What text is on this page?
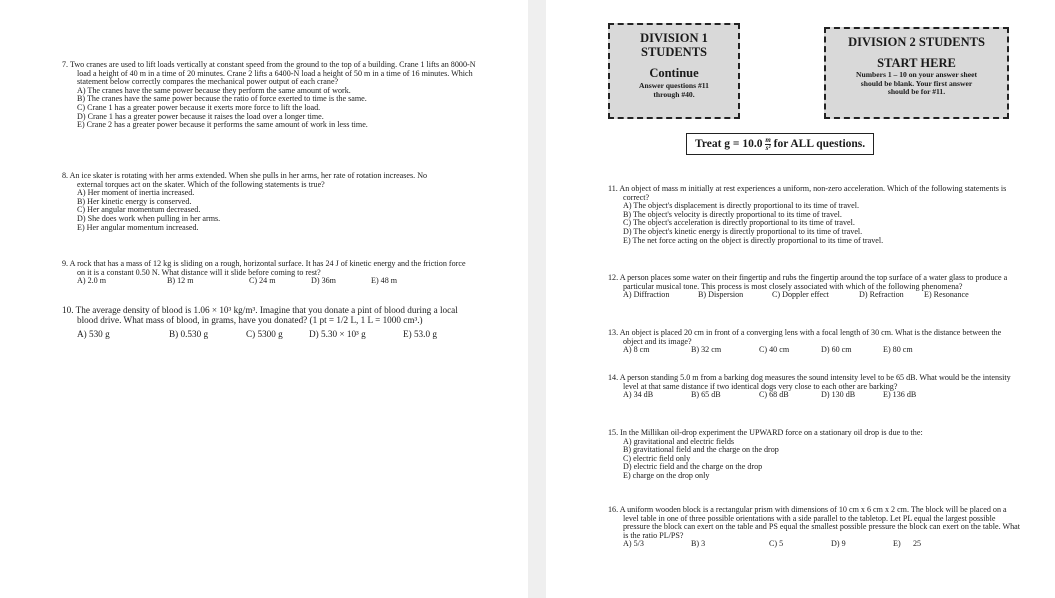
7. Two cranes are used to lift loads vertically at constant speed from the ground to the top of a building. Crane 1 lifts an 8000-N load a height of 40 m in a time of 20 minutes. Crane 2 lifts a 6400-N load a height of 50 m in a time of 16 minutes. Which statement below correctly compares the mechanical power output of each crane?

A) The cranes have the same power because they perform the same amount of work.

B) The cranes have the same power because the ratio of force exerted to time is the same.

C) Crane 1 has a greater power because it exerts more force to lift the load.

D) Crane 1 has a greater power because it raises the load over a longer time.

E) Crane 2 has a greater power because it performs the same amount of work in less time.

8. An ice skater is rotating with her arms extended. When she pulls in her arms, her rate of rotation increases. No external torques act on the skater. Which of the following statements is true?

A) Her moment of inertia increased.

B) Her kinetic energy is conserved.

C) Her angular momentum decreased.

D) She does work when pulling in her arms.

E) Her angular momentum increased.

9. A rock that has a mass of 12 kg is sliding on a rough, horizontal surface. It has 24 J of kinetic energy and the friction force on it is a constant 0.50 N. What distance will it slide before coming to rest?

A) 2.0 m	B) 12 m	C) 24 m	D) 36m	E) 48 m

10. The average density of blood is 1.06 × 10³ kg/m³. Imagine that you donate a pint of blood during a local blood drive. What mass of blood, in grams, have you donated? (1 pt = 1/2 L, 1 L = 1000 cm³.)

A) 530 g	B) 0.530 g	C) 5300 g	D) 5.30 × 10³ g	E) 53.0 g
DIVISION 1
STUDENTS
Continue
Answer questions #11
through #40.
DIVISION 2 STUDENTS
START HERE
Numbers 1 – 10 on your answer sheet
should be blank. Your first answer
should be for #11.
Treat $g = 10.0 \frac{m}{\text{s²}}$ for ALL questions.

11. An object of mass m initially at rest experiences a uniform, non-zero acceleration. Which of the following statements is correct?

A) The object's displacement is directly proportional to its time of travel.

B) The object's velocity is directly proportional to its time of travel.

C) The object's acceleration is directly proportional to its time of travel.

D) The object's kinetic energy is directly proportional to its time of travel.

E) The net force acting on the object is directly proportional to its time of travel.

12. A person places some water on their fingertip and rubs the fingertip around the top surface of a water glass to produce a particular musical tone. This process is most closely associated with which of the following phenomena?

A) Diffraction	B) Dispersion	C) Doppler effect	D) Refraction	E) Resonance

13. An object is placed 20 cm in front of a converging lens with a focal length of 30 cm. What is the distance between the object and its image?

A) 8 cm	B) 32 cm	C) 40 cm	D) 60 cm	E) 80 cm

14. A person standing 5.0 m from a barking dog measures the sound intensity level to be 65 dB. What would be the intensity level at that same distance if two identical dogs very close to each other are barking?

A) 34 dB	B) 65 dB	C) 68 dB	D) 130 dB	E) 136 dB

15. In the Millikan oil-drop experiment the UPWARD force on a stationary oil drop is due to the:

A) gravitational and electric fields

B) gravitational field and the charge on the drop

C) electric field only

D) electric field and the charge on the drop

E) charge on the drop only

16. A uniform wooden block is a rectangular prism with dimensions of 10 cm x 6 cm x 2 cm. The block will be placed on a level table in one of three possible orientations with a side parallel to the tabletop. Let PL equal the largest possible pressure the block can exert on the table and PS equal the smallest possible pressure the block can exert on the table. What is the ratio PL/PS?

A) 5/3	B) 3	C) 5	D) 9	E)	25
